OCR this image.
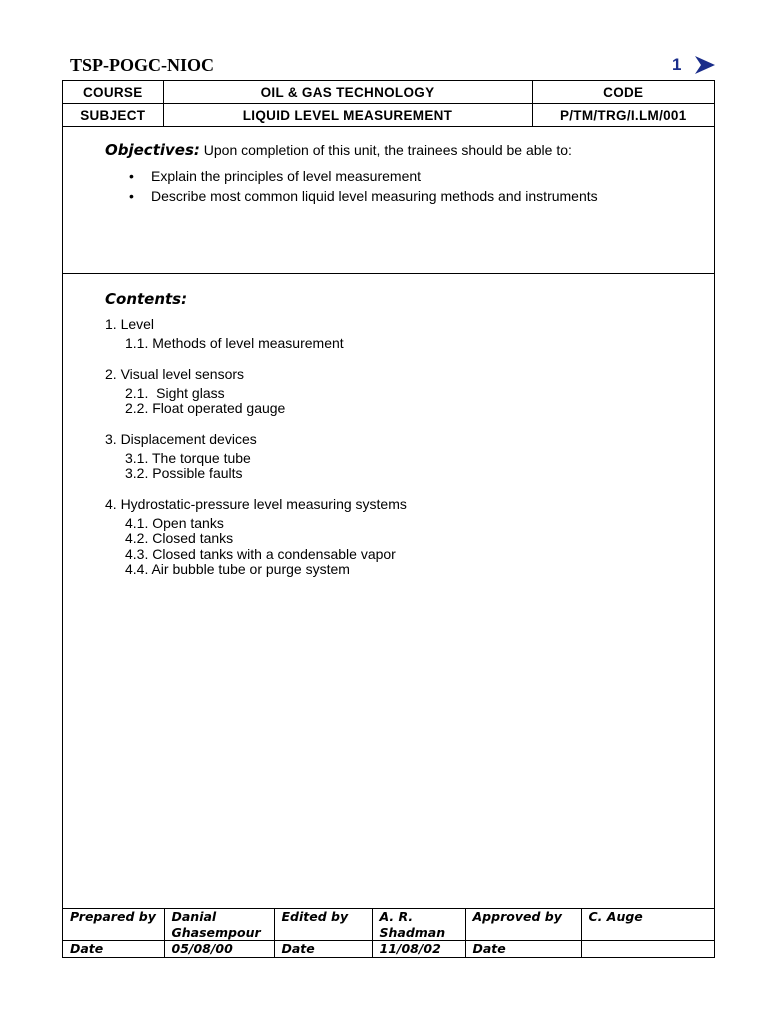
TSP-POGC-NIOC	1
COURSE	OIL & GAS TECHNOLOGY	CODE
SUBJECT	LIQUID LEVEL MEASUREMENT	P/TM/TRG/I.LM/001
Objectives: Upon completion of this unit, the trainees should be able to:
• Explain the principles of level measurement
• Describe most common liquid level measuring methods and instruments
Contents:
1. Level
1.1. Methods of level measurement
2. Visual level sensors
2.1.  Sight glass
2.2. Float operated gauge
3. Displacement devices
3.1. The torque tube
3.2. Possible faults
4. Hydrostatic-pressure level measuring systems
4.1. Open tanks
4.2. Closed tanks
4.3. Closed tanks with a condensable vapor
4.4. Air bubble tube or purge system
Prepared by	Danial Ghasempour	Edited by	A. R. Shadman	Approved by	C. Auge
Date	05/08/00	Date	11/08/02	Date	
